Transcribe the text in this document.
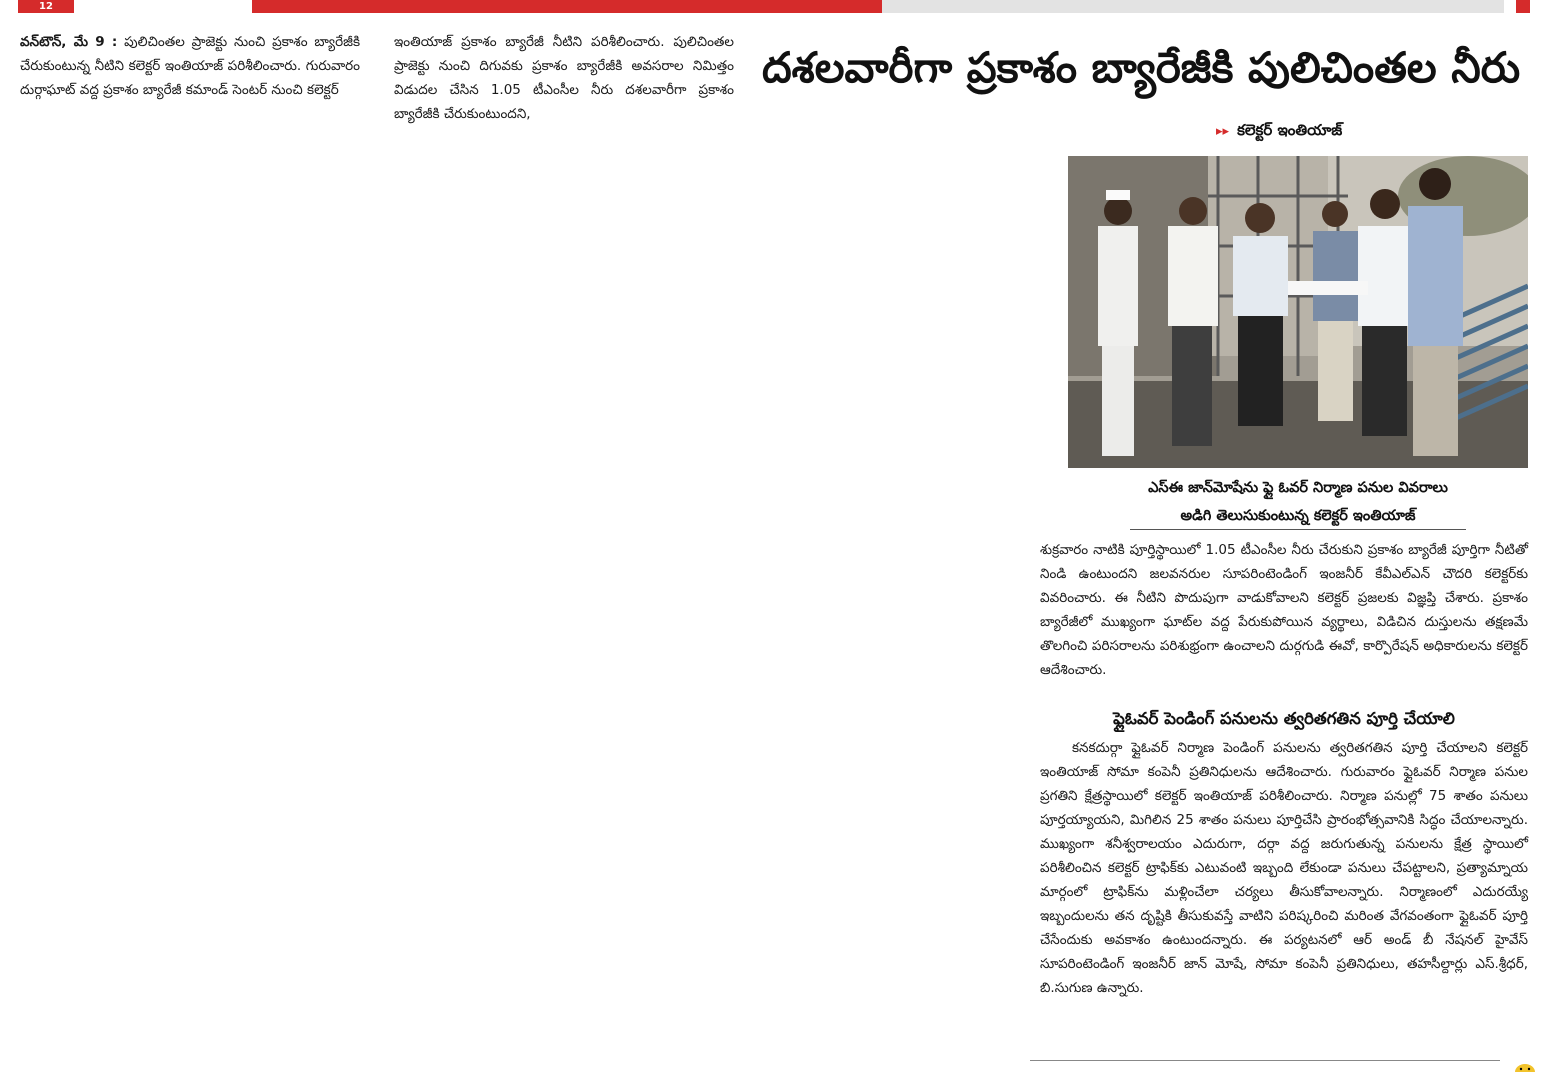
12

వన్‌టౌన్‌, మే 9 : పులిచింతల ప్రాజెక్టు నుంచి ప్రకాశం బ్యారేజీకి చేరుకుంటున్న నీటిని కలెక్టర్‌ ఇంతియాజ్‌ పరిశీలించారు. గురువారం దుర్గాఘాట్‌ వద్ద ప్రకాశం బ్యారేజీ కమాండ్‌ సెంటర్‌ నుంచి కలెక్టర్‌

ఇంతియాజ్‌ ప్రకాశం బ్యారేజీ నీటిని పరిశీలించారు. పులిచింతల ప్రాజెక్టు నుంచి దిగువకు ప్రకాశం బ్యారేజీకి అవసరాల నిమిత్తం విడుదల చేసిన 1.05 టీఎంసీల నీరు దశలవారీగా ప్రకాశం బ్యారేజీకి చేరుకుంటుందని,

దశలవారీగా ప్రకాశం బ్యారేజీకి పులిచింతల నీరు
▸▸ కలెక్టర్‌ ఇంతియాజ్‌
ఎస్‌ఈ జాన్‌మోషేను ఫ్లై ఓవర్‌ నిర్మాణ పనుల వివరాలు
అడిగి తెలుసుకుంటున్న కలెక్టర్‌ ఇంతియాజ్‌

శుక్రవారం నాటికి పూర్తిస్థాయిలో 1.05 టీఎంసీల నీరు చేరుకుని ప్రకాశం బ్యారేజీ పూర్తిగా నీటితో నిండి ఉంటుందని జలవనరుల సూపరింటెండింగ్‌ ఇంజనీర్‌ కేవీఎల్‌ఎన్‌ చౌదరి కలెక్టర్‌కు వివరించారు. ఈ నీటిని పొదుపుగా వాడుకోవాలని కలెక్టర్‌ ప్రజలకు విజ్ఞప్తి చేశారు. ప్రకాశం బ్యారేజీలో ముఖ్యంగా ఘాట్‌ల వద్ద పేరుకుపోయిన వ్యర్థాలు, విడిచిన దుస్తులను తక్షణమే తొలగించి పరిసరాలను పరిశుభ్రంగా ఉంచాలని దుర్గగుడి ఈవో, కార్పొరేషన్‌ అధికారులను కలెక్టర్‌ ఆదేశించారు.

ఫ్లైఓవర్‌ పెండింగ్‌ పనులను త్వరితగతిన పూర్తి చేయాలి

కనకదుర్గా ఫ్లైఓవర్‌ నిర్మాణ పెండింగ్‌ పనులను త్వరితగతిన పూర్తి చేయాలని కలెక్టర్‌ ఇంతియాజ్‌ సోమా కంపెనీ ప్రతినిధులను ఆదేశించారు. గురువారం ఫ్లైఓవర్‌ నిర్మాణ పనుల ప్రగతిని క్షేత్రస్థాయిలో కలెక్టర్‌ ఇంతియాజ్‌ పరిశీలించారు. నిర్మాణ పనుల్లో 75 శాతం పనులు పూర్తయ్యాయని, మిగిలిన 25 శాతం పనులు పూర్తిచేసి ప్రారంభోత్సవానికి సిద్ధం చేయాలన్నారు. ముఖ్యంగా శనీశ్వరాలయం ఎదురుగా, దర్గా వద్ద జరుగుతున్న పనులను క్షేత్ర స్థాయిలో పరిశీలించిన కలెక్టర్‌ ట్రాఫిక్‌కు ఎటువంటి ఇబ్బంది లేకుండా పనులు చేపట్టాలని, ప్రత్యామ్నాయ మార్గంలో ట్రాఫిక్‌ను మళ్లించేలా చర్యలు తీసుకోవాలన్నారు. నిర్మాణంలో ఎదురయ్యే ఇబ్బందులను తన దృష్టికి తీసుకువస్తే వాటిని పరిష్కరించి మరింత వేగవంతంగా ఫ్లైఓవర్‌ పూర్తి చేసేందుకు అవకాశం ఉంటుందన్నారు. ఈ పర్యటనలో ఆర్‌ అండ్‌ బీ నేషనల్‌ హైవేస్‌ సూపరింటెండింగ్‌ ఇంజనీర్‌ జాన్‌ మోషే, సోమా కంపెనీ ప్రతినిధులు, తహసీల్దార్లు ఎస్‌.శ్రీధర్‌, బి.సుగుణ ఉన్నారు.
